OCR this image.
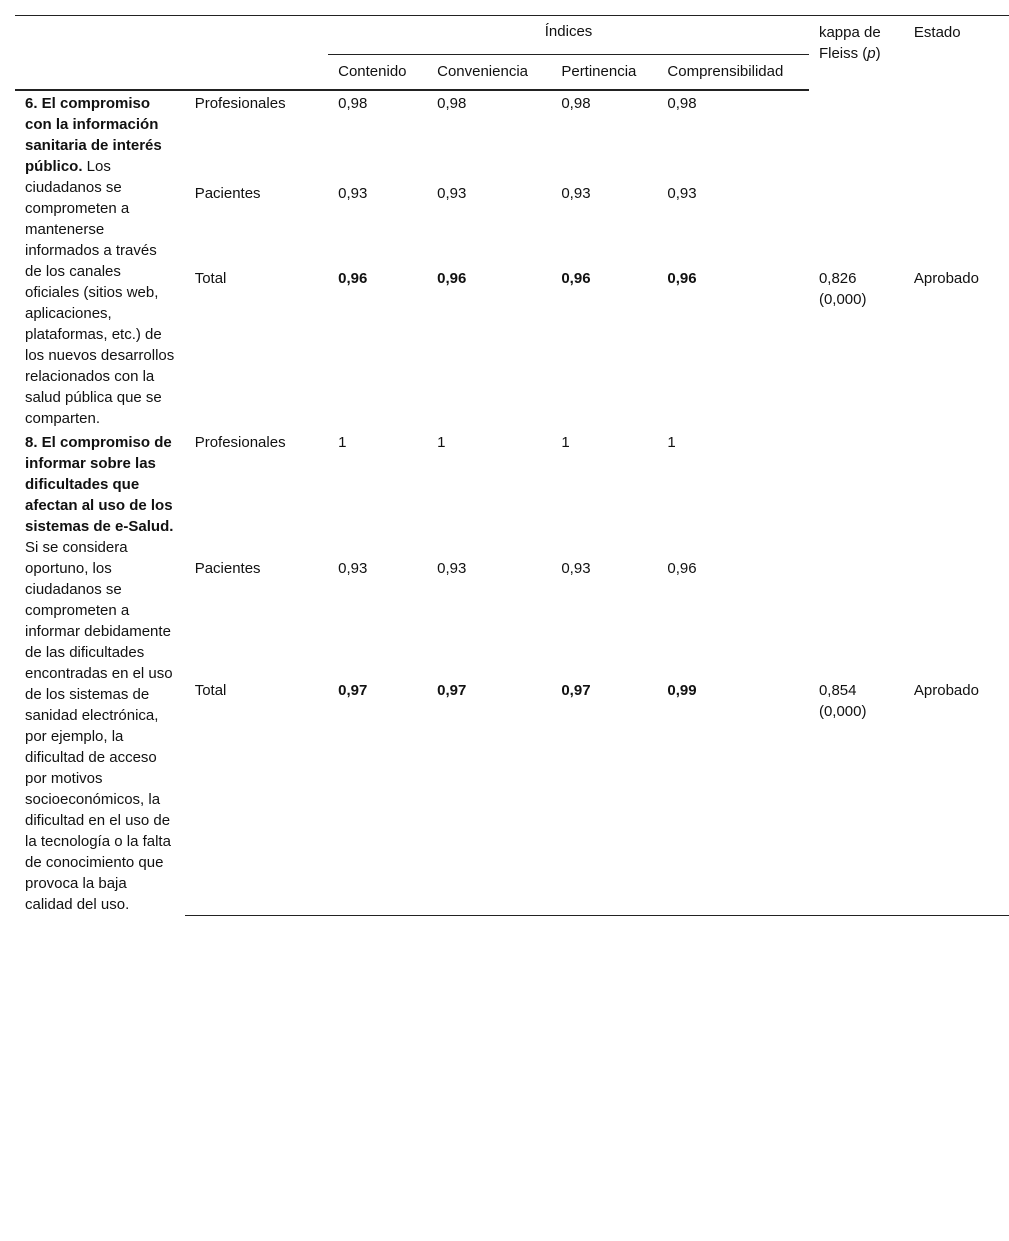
		Índices				kappa de Fleiss (p)	Estado
		Contenido	Conveniencia	Pertinencia	Comprensibilidad		
6. El compromiso con la información sanitaria de interés público. Los ciudadanos se comprometen a mantenerse informados a través de los canales oficiales (sitios web, aplicaciones, plataformas, etc.) de los nuevos desarrollos relacionados con la salud pública que se comparten.	Profesionales	0,98	0,98	0,98	0,98		
	Pacientes	0,93	0,93	0,93	0,93		
	Total	0,96	0,96	0,96	0,96	0,826 (0,000)	Aprobado
8. El compromiso de informar sobre las dificultades que afectan al uso de los sistemas de e-Salud. Si se considera oportuno, los ciudadanos se comprometen a informar debidamente de las dificultades encontradas en el uso de los sistemas de sanidad electrónica, por ejemplo, la dificultad de acceso por motivos socioeconómicos, la dificultad en el uso de la tecnología o la falta de conocimiento que provoca la baja calidad del uso.	Profesionales	1	1	1	1		
	Pacientes	0,93	0,93	0,93	0,96		
	Total	0,97	0,97	0,97	0,99	0,854 (0,000)	Aprobado
